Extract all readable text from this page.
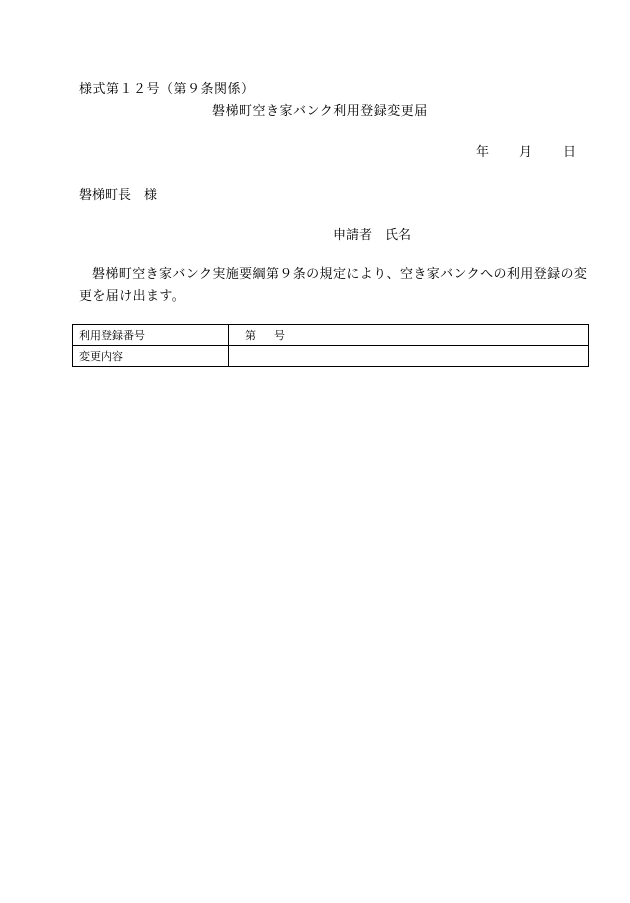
様式第１２号（第９条関係）
磐梯町空き家バンク利用登録変更届
年 月 日
磐梯町長　様
申請者　氏名
磐梯町空き家バンク実施要綱第９条の規定により、空き家バンクへの利用登録の変更を届け出ます。
利用登録番号	第 号
変更内容	
